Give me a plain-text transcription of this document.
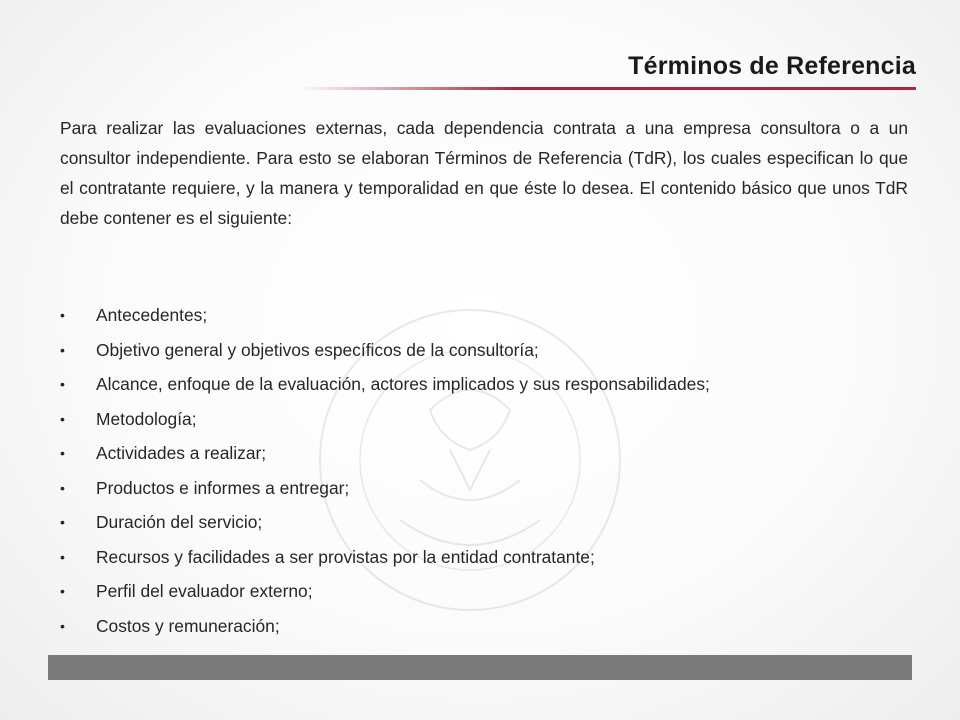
Términos de Referencia

Para realizar las evaluaciones externas, cada dependencia contrata a una empresa consultora o a un consultor independiente. Para esto se elaboran Términos de Referencia (TdR), los cuales especifican lo que el contratante requiere, y la manera y temporalidad en que éste lo desea. El contenido básico que unos TdR debe contener es el siguiente:

• Antecedentes;
• Objetivo general y objetivos específicos de la consultoría;
• Alcance, enfoque de la evaluación, actores implicados y sus responsabilidades;
• Metodología;
• Actividades a realizar;
• Productos e informes a entregar;
• Duración del servicio;
• Recursos y facilidades a ser provistas por la entidad contratante;
• Perfil del evaluador externo;
• Costos y remuneración;
